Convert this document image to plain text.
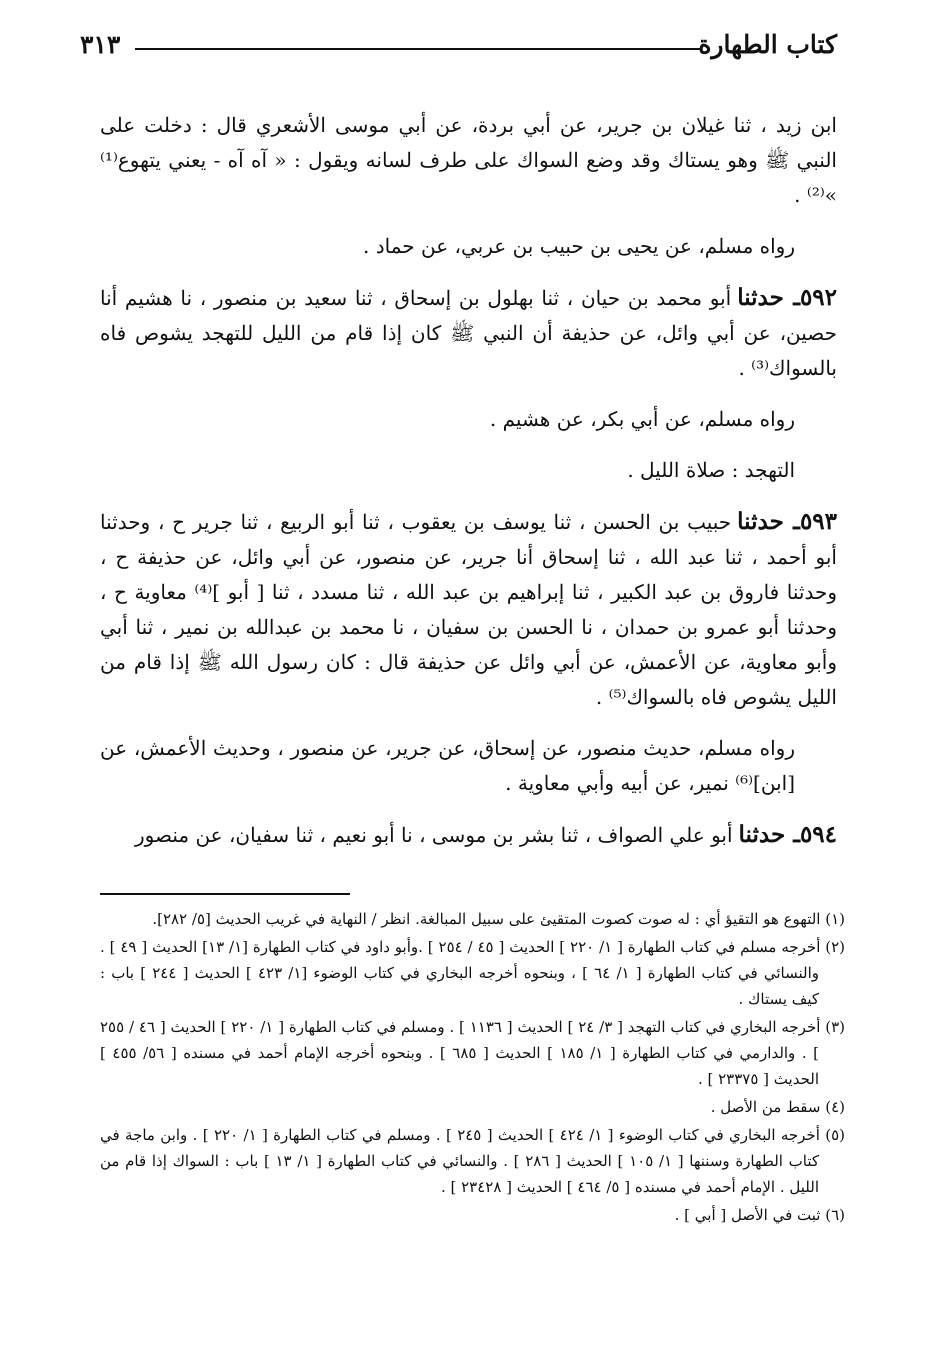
كتاب الطهارة
٣١٣

ابن زيد ، ثنا غيلان بن جرير، عن أبي بردة، عن أبي موسى الأشعري قال : دخلت على النبي ﷺ وهو يستاك وقد وضع السواك على طرف لسانه ويقول : « آه آه - يعني يتهوع⁽¹⁾ »⁽²⁾ .

رواه مسلم، عن يحيى بن حبيب بن عربي، عن حماد .

٥٩٢ـ حدثناأبو محمد بن حيان ، ثنا بهلول بن إسحاق ، ثنا سعيد بن منصور ، نا هشيم أنا حصين، عن أبي وائل، عن حذيفة أن النبي ﷺ كان إذا قام من الليل للتهجد يشوص فاه بالسواك⁽³⁾ .

رواه مسلم، عن أبي بكر، عن هشيم .

التهجد : صلاة الليل .

٥٩٣ـ حدثناحبيب بن الحسن ، ثنا يوسف بن يعقوب ، ثنا أبو الربيع ، ثنا جرير ح ، وحدثنا أبو أحمد ، ثنا عبد الله ، ثنا إسحاق أنا جرير، عن منصور، عن أبي وائل، عن حذيفة ح ، وحدثنا فاروق بن عبد الكبير ، ثنا إبراهيم بن عبد الله ، ثنا مسدد ، ثنا [ أبو ]⁽⁴⁾ معاوية ح ، وحدثنا أبو عمرو بن حمدان ، نا الحسن بن سفيان ، نا محمد بن عبدالله بن نمير ، ثنا أبي وأبو معاوية، عن الأعمش، عن أبي وائل عن حذيفة قال : كان رسول الله ﷺ إذا قام من الليل يشوص فاه بالسواك⁽⁵⁾ .

رواه مسلم، حديث منصور، عن إسحاق، عن جرير، عن منصور ، وحديث الأعمش، عن [ابن]⁽⁶⁾ نمير، عن أبيه وأبي معاوية .

٥٩٤ـ حدثناأبو علي الصواف ، ثنا بشر بن موسى ، نا أبو نعيم ، ثنا سفيان، عن منصور

(١) التهوع هو التقيؤ أي : له صوت كصوت المتقيئ على سبيل المبالغة. انظر / النهاية في غريب الحديث [٥/ ٢٨٢].

(٢) أخرجه مسلم في كتاب الطهارة [ ١/ ٢٢٠ ] الحديث [ ٤٥ / ٢٥٤ ] .وأبو داود في كتاب الطهارة [١/ ١٣] الحديث [ ٤٩ ] . والنسائي في كتاب الطهارة [ ١/ ٦٤ ] ، وبنحوه أخرجه البخاري في كتاب الوضوء [١/ ٤٢٣ ] الحديث [ ٢٤٤ ] باب : كيف يستاك .

(٣) أخرجه البخاري في كتاب التهجد [ ٣/ ٢٤ ] الحديث [ ١١٣٦ ] . ومسلم في كتاب الطهارة [ ١/ ٢٢٠ ] الحديث [ ٤٦ / ٢٥٥ ] . والدارمي في كتاب الطهارة [ ١/ ١٨٥ ] الحديث [ ٦٨٥ ] . وبنحوه أخرجه الإمام أحمد في مسنده [ ٥٦/ ٤٥٥ ] الحديث [ ٢٣٣٧٥ ] .

(٤) سقط من الأصل .

(٥) أخرجه البخاري في كتاب الوضوء [ ١/ ٤٢٤ ] الحديث [ ٢٤٥ ] . ومسلم في كتاب الطهارة [ ١/ ٢٢٠ ] . وابن ماجة في كتاب الطهارة وسننها [ ١/ ١٠٥ ] الحديث [ ٢٨٦ ] . والنسائي في كتاب الطهارة [ ١/ ١٣ ] باب : السواك إذا قام من الليل . الإمام أحمد في مسنده [ ٥/ ٤٦٤ ] الحديث [ ٢٣٤٢٨ ] .

(٦) ثبت في الأصل [ أبي ] .
